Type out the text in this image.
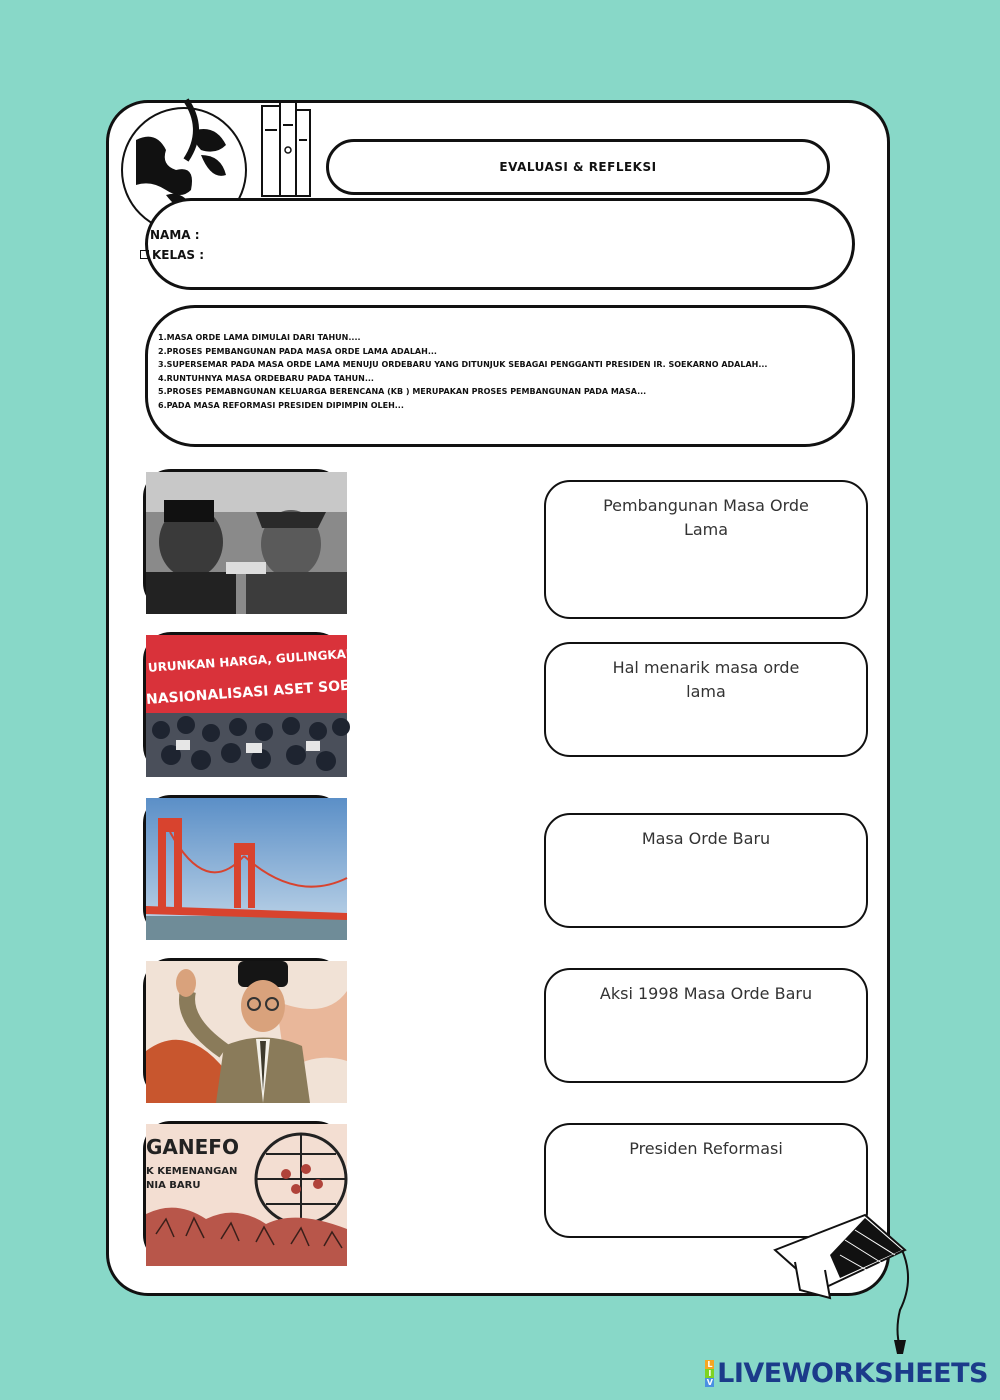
EVALUASI & REFLEKSI
NAMA :
KELAS :
1.MASA ORDE LAMA DIMULAI DARI TAHUN....
2.PROSES PEMBANGUNAN PADA MASA ORDE LAMA ADALAH...
3.SUPERSEMAR PADA MASA ORDE LAMA MENUJU ORDEBARU YANG DITUNJUK SEBAGAI PENGGANTI PRESIDEN IR. SOEKARNO ADALAH...
4.RUNTUHNYA MASA ORDEBARU PADA TAHUN...
5.PROSES PEMABNGUNAN KELUARGA BERENCANA (KB ) MERUPAKAN PROSES PEMBANGUNAN PADA MASA...
6.PADA MASA REFORMASI PRESIDEN DIPIMPIN OLEH...
URUNKAN HARGA, GULINGKAN SOEHARTO
NASIONALISASI ASET SOEHARTO!!!
GANEFO
K KEMENANGAN
NIA BARU
Pembangunan Masa Orde Lama
Hal menarik masa orde lama
Masa Orde Baru
Aksi 1998 Masa Orde Baru
Presiden Reformasi
L
I
V LIVEWORKSHEETS
